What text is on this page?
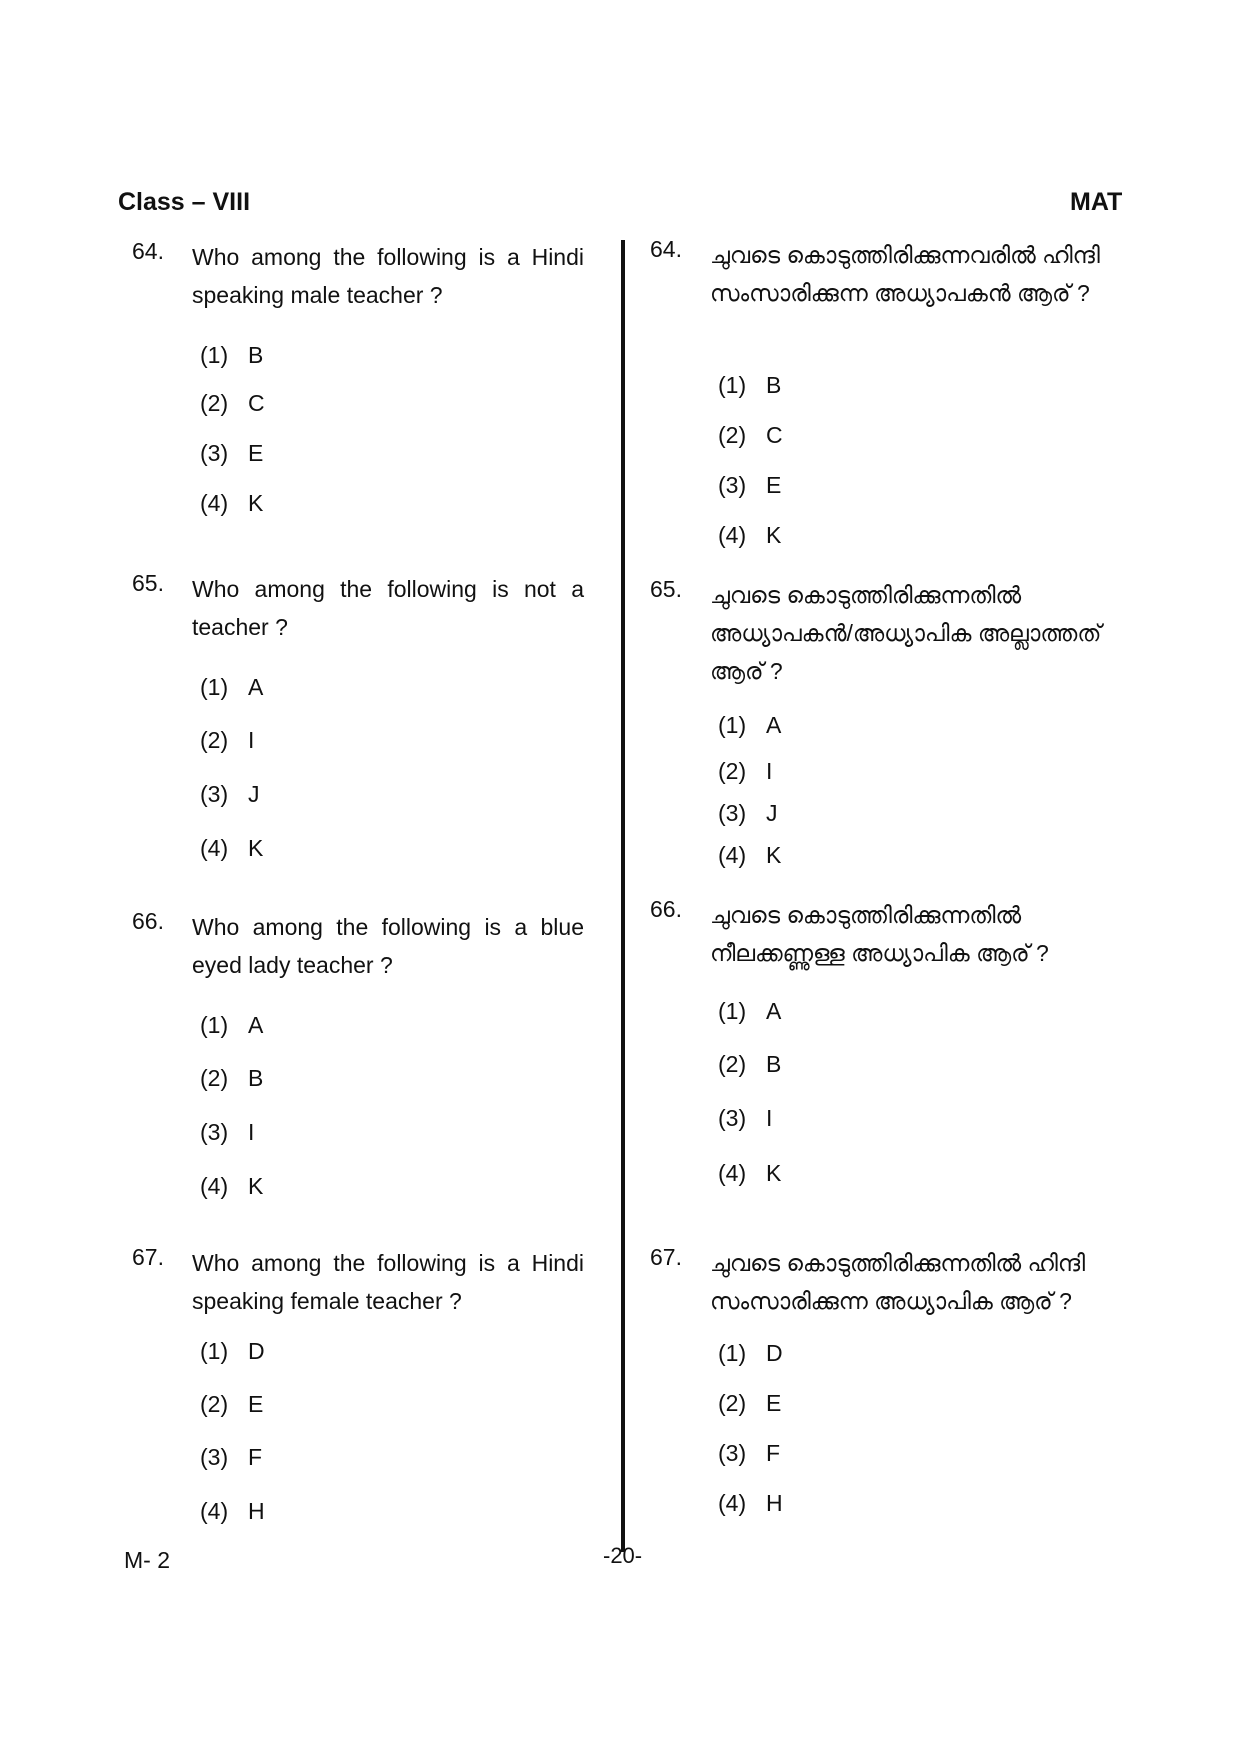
Class – VIII	MAT
64.	Who among the following is a Hindi speaking male teacher ?
(1) B
(2) C
(3) E
(4) K
65.	Who among the following is not a teacher ?
(1) A
(2) I
(3) J
(4) K
66.	Who among the following is a blue eyed lady teacher ?
(1) A
(2) B
(3) I
(4) K
67.	Who among the following is a Hindi speaking female teacher ?
(1) D
(2) E
(3) F
(4) H
64.	ചുവടെ കൊടുത്തിരിക്കുന്നവരിൽ ഹിന്ദി സംസാരിക്കുന്ന അധ്യാപകൻ ആര് ?
(1) B
(2) C
(3) E
(4) K
65.	ചുവടെ കൊടുത്തിരിക്കുന്നതിൽ അധ്യാപകൻ/അധ്യാപിക അല്ലാത്തത് ആര് ?
(1) A
(2) I
(3) J
(4) K
66.	ചുവടെ കൊടുത്തിരിക്കുന്നതിൽ നീലക്കണ്ണുള്ള അധ്യാപിക ആര് ?
(1) A
(2) B
(3) I
(4) K
67.	ചുവടെ കൊടുത്തിരിക്കുന്നതിൽ ഹിന്ദി സംസാരിക്കുന്ന അധ്യാപിക ആര് ?
(1) D
(2) E
(3) F
(4) H
M- 2	-20-
